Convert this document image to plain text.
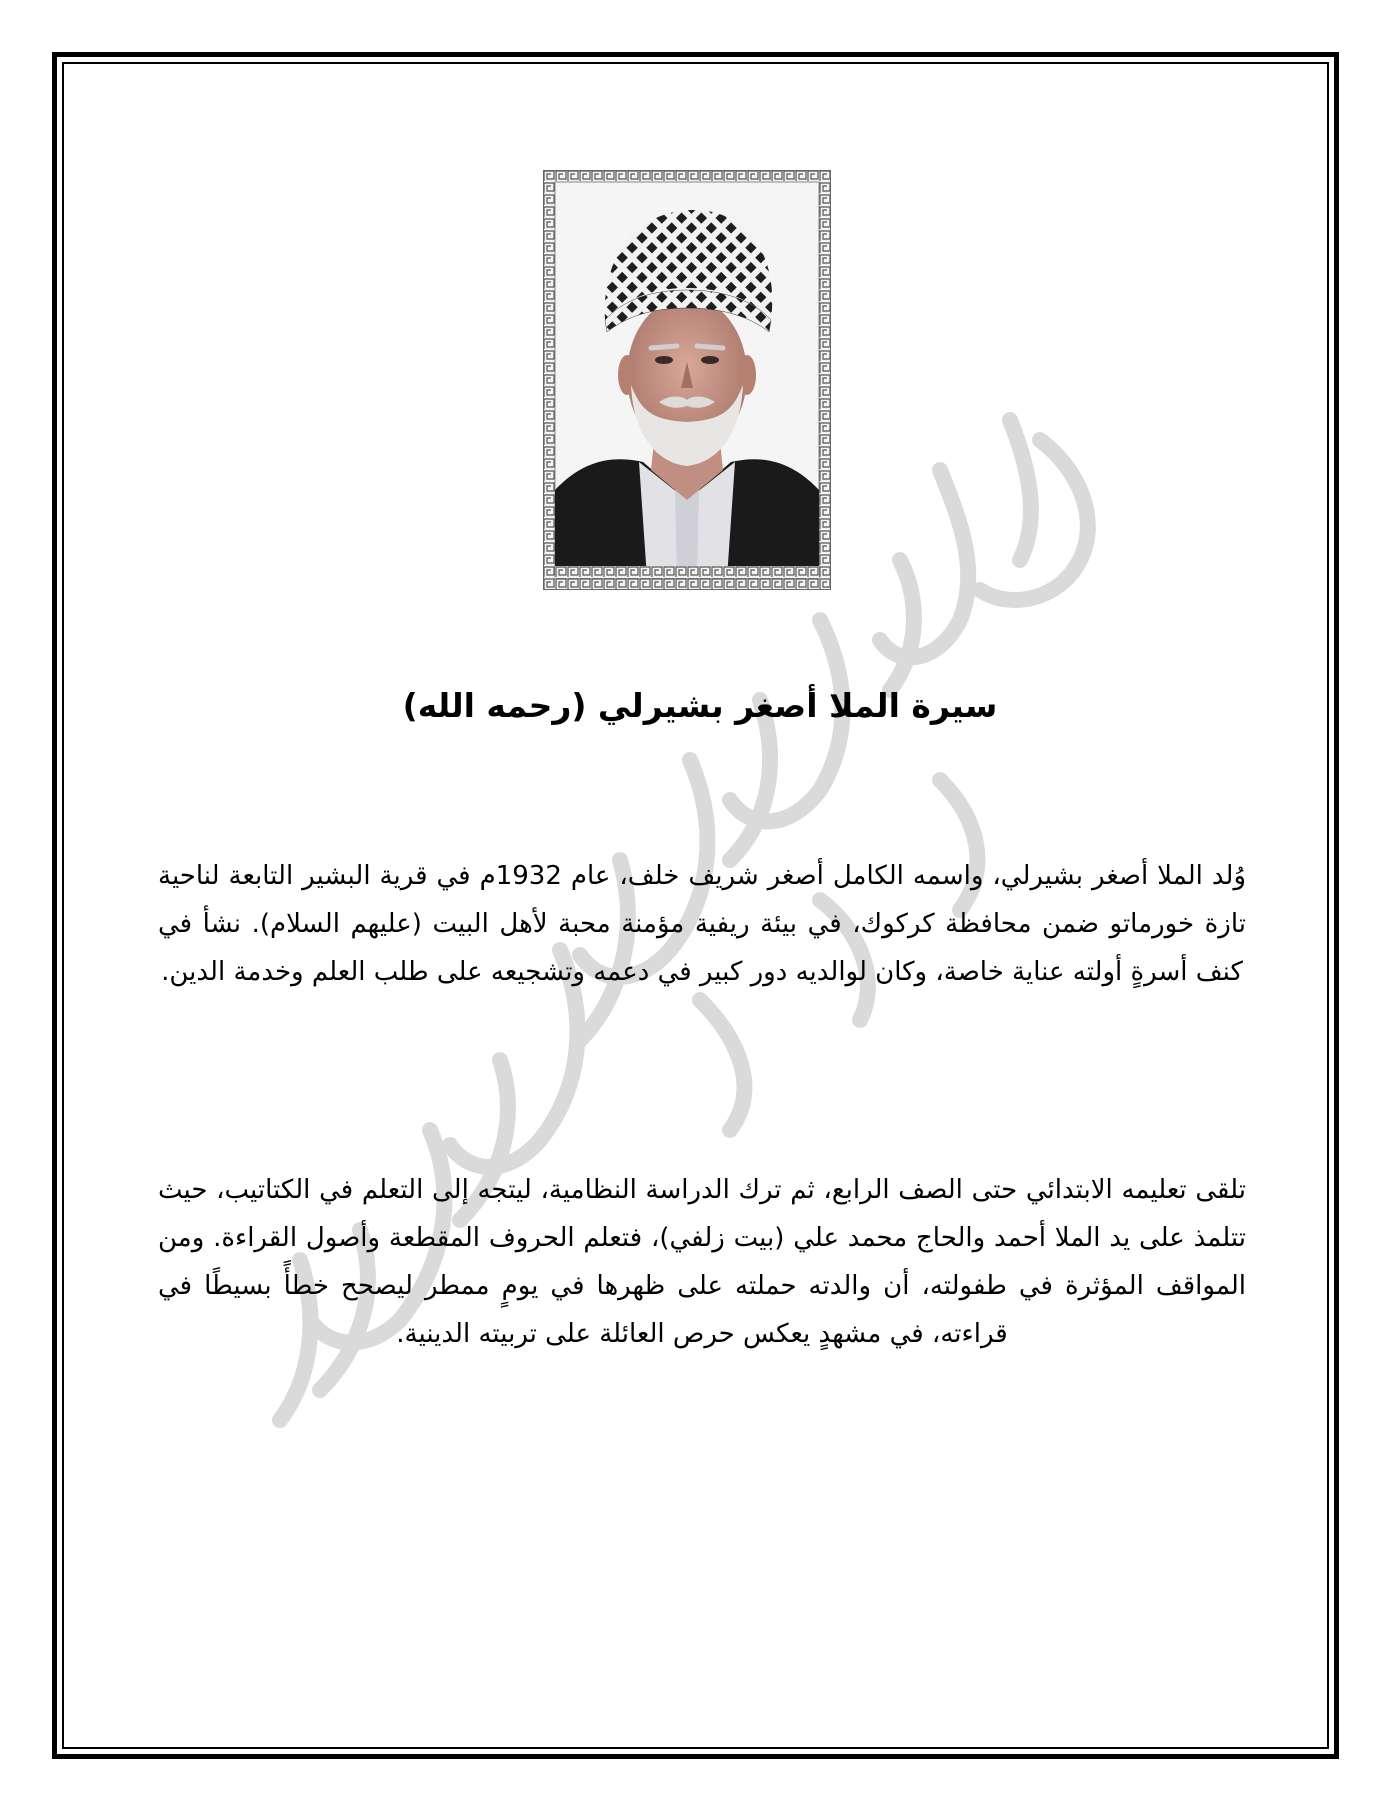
سيرة الملا أصغر بشيرلي (رحمه الله)

وُلد الملا أصغر بشيرلي، واسمه الكامل أصغر شريف خلف، عام 1932م في قرية البشير التابعة لناحية تازة خورماتو ضمن محافظة كركوك، في بيئة ريفية مؤمنة محبة لأهل البيت (عليهم السلام). نشأ في كنف أسرةٍ أولته عناية خاصة، وكان لوالديه دور كبير في دعمه وتشجيعه على طلب العلم وخدمة الدين.

تلقى تعليمه الابتدائي حتى الصف الرابع، ثم ترك الدراسة النظامية، ليتجه إلى التعلم في الكتاتيب، حيث تتلمذ على يد الملا أحمد والحاج محمد علي (بيت زلفي)، فتعلم الحروف المقطعة وأصول القراءة. ومن المواقف المؤثرة في طفولته، أن والدته حملته على ظهرها في يومٍ ممطر ليصحح خطأً بسيطًا في قراءته، في مشهدٍ يعكس حرص العائلة على تربيته الدينية.
